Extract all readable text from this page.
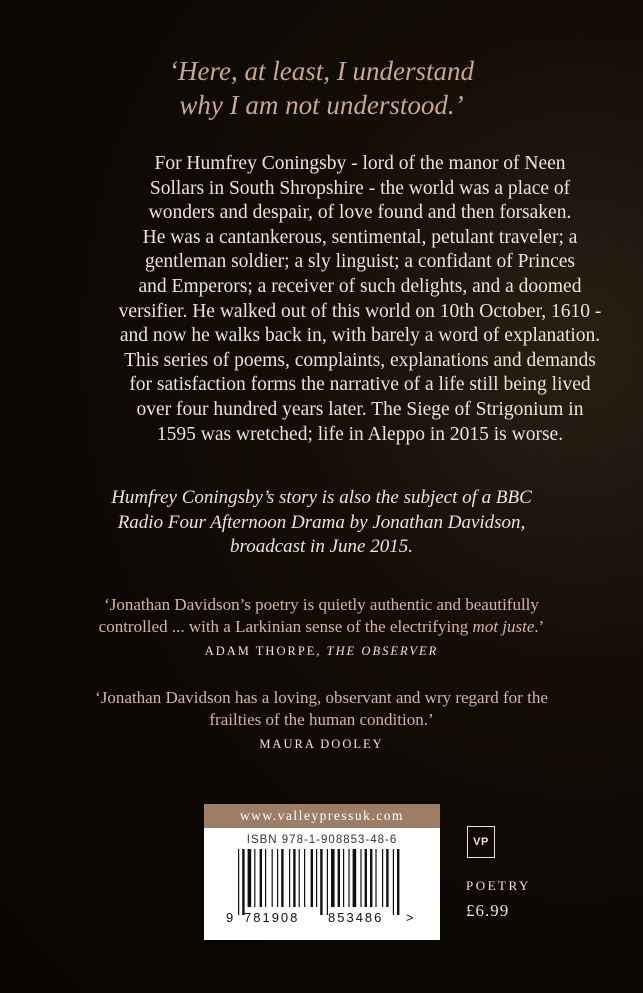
‘Here, at least, I understand
why I am not understood.’
For Humfrey Coningsby - lord of the manor of Neen
Sollars in South Shropshire - the world was a place of
wonders and despair, of love found and then forsaken.
He was a cantankerous, sentimental, petulant traveler; a
gentleman soldier; a sly linguist; a confidant of Princes
and Emperors; a receiver of such delights, and a doomed
versifier. He walked out of this world on 10th October, 1610 -
and now he walks back in, with barely a word of explanation.
This series of poems, complaints, explanations and demands
for satisfaction forms the narrative of a life still being lived
over four hundred years later. The Siege of Strigonium in
1595 was wretched; life in Aleppo in 2015 is worse.
Humfrey Coningsby’s story is also the subject of a BBC
Radio Four Afternoon Drama by Jonathan Davidson,
broadcast in June 2015.
‘Jonathan Davidson’s poetry is quietly authentic and beautifully
controlled ... with a Larkinian sense of the electrifying mot juste.’
ADAM THORPE, THE OBSERVER
‘Jonathan Davidson has a loving, observant and wry regard for the
frailties of the human condition.’
MAURA DOOLEY
www.valleypressuk.com
ISBN 978-1-908853-48-6
9 781908 853486 >
VP
POETRY
£6.99
